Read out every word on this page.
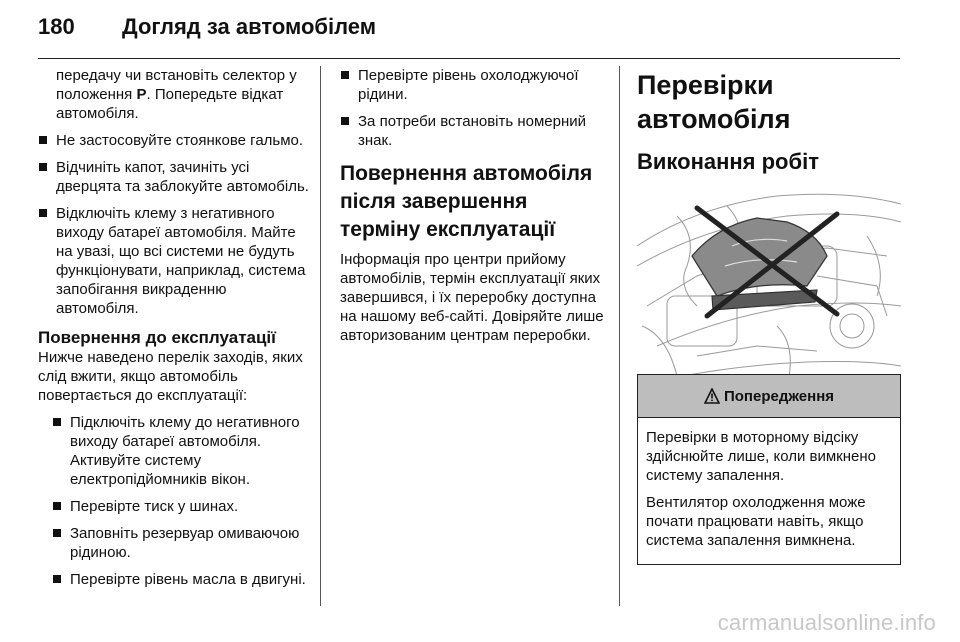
180	Догляд за автомобілем

передачу чи встановіть селектор у положення P. Попередьте відкат автомобіля.

Не застосовуйте стоянкове гальмо.
Відчиніть капот, зачиніть усі дверцята та заблокуйте автомобіль.
Відключіть клему з негативного виходу батареї автомобіля. Майте на увазі, що всі системи не будуть функціонувати, наприклад, система запобігання викраденню автомобіля.
Повернення до експлуатації

Нижче наведено перелік заходів, яких слід вжити, якщо автомобіль повертається до експлуатації:

Підключіть клему до негативного виходу батареї автомобіля. Активуйте систему електропідйомників вікон.
Перевірте тиск у шинах.
Заповніть резервуар омиваючою рідиною.
Перевірте рівень масла в двигуні.
Перевірте рівень охолоджуючої рідини.
За потреби встановіть номерний знак.
Повернення автомобіля після завершення терміну експлуатації

Інформація про центри прийому автомобілів, термін експлуатації яких завершився, і їх переробку доступна на нашому веб-сайті. Довіряйте лише авторизованим центрам переробки.

Перевірки автомобіля
Виконання робіт
Попередження

Перевірки в моторному відсіку здійснюйте лише, коли вимкнено систему запалення.

Вентилятор охолодження може почати працювати навіть, якщо система запалення вимкнена.

carmanualsonline.info
